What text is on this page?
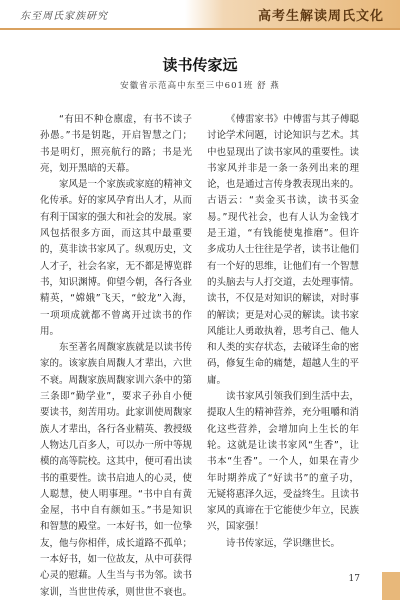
东至周氏家族研究	高考生解读周氏文化
读书传家远
安徽省示范高中东至三中601班 舒 燕

“有田不种仓廪虚，有书不读子孙愚。”书是钥匙，开启智慧之门；书是明灯，照亮航行的路；书是光亮，划开黑暗的天幕。

家风是一个家族或家庭的精神文化传承。好的家风孕育出人才，从而有利于国家的强大和社会的发展。家风包括很多方面，而这其中最重要的，莫非读书家风了。纵观历史，文人才子，社会名家，无不都是博览群书，知识渊博。仰望今朝，各行各业精英，“嫦娥”飞天，“蛟龙”入海，一项项成就都不曾离开过读书的作用。

东至著名周馥家族就是以读书传家的。该家族自周馥人才辈出，六世不衰。周馥家族周馥家训六条中的第三条即“勤学业”，要求子孙自小便要读书，刻苦用功。此家训使周馥家族人才辈出，各行各业精英、教授级人物达几百多人，可以办一所中等规模的高等院校。这其中，便可看出读书的重要性。读书启迪人的心灵，使人聪慧，使人明事理。“书中自有黄金屋，书中自有颜如玉。”书是知识和智慧的殿堂。一本好书，如一位挚友，他与你相伴，成长道路不孤单；一本好书，如一位故友，从中可获得心灵的慰藉。人生当与书为邻。读书家训，当世世传承，则世世不衰也。

《傅雷家书》中傅雷与其子傅聪讨论学术问题，讨论知识与艺术。其中也显现出了读书家风的重要性。读书家风并非是一条一条列出来的理论，也是通过言传身教表现出来的。古语云：“卖金买书读，读书买金易。”现代社会，也有人认为金钱才是王道，“有钱能使鬼推磨”。但许多成功人士往往是学者，读书让他们有一个好的思维，让他们有一个智慧的头脑去与人打交道，去处理事情。读书，不仅是对知识的解读，对时事的解读；更是对心灵的解读。读书家风能让人勇敢执着，思考自己、他人和人类的实存状态，去破译生命的密码，修复生命的痛楚，超越人生的平庸。

读书家风引领我们到生活中去，提取人生的精神营养，充分咀嚼和消化这些营养，会增加向上生长的年轮。这就是让读书家风“生香”，让书本“生香”。一个人，如果在青少年时期养成了“好读书”的童子功，无疑将惠泽久远，受益终生。且读书家风的真谛在于它能使少年立，民族兴，国家强！

诗书传家远，学识继世长。

17
